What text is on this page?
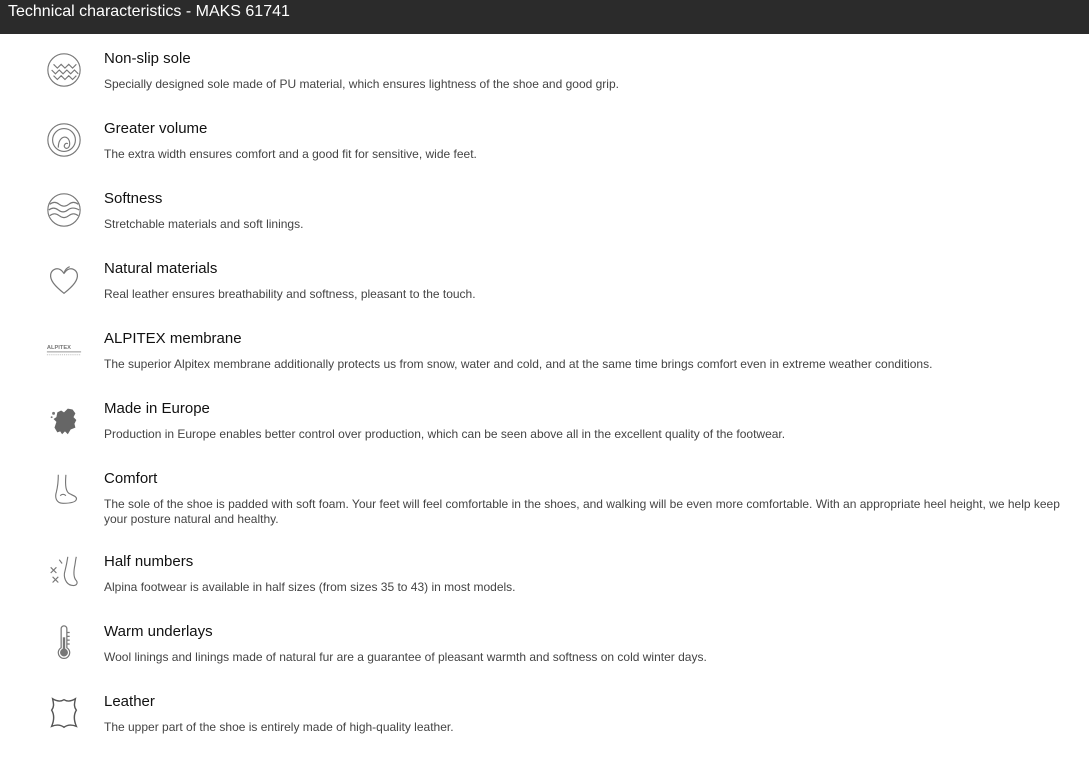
Technical characteristics - MAKS 61741
Non-slip sole
Specially designed sole made of PU material, which ensures lightness of the shoe and good grip.
Greater volume
The extra width ensures comfort and a good fit for sensitive, wide feet.
Softness
Stretchable materials and soft linings.
Natural materials
Real leather ensures breathability and softness, pleasant to the touch.
ALPITEX
ALPITEX membrane
The superior Alpitex membrane additionally protects us from snow, water and cold, and at the same time brings comfort even in extreme weather conditions.
Made in Europe
Production in Europe enables better control over production, which can be seen above all in the excellent quality of the footwear.
Comfort
The sole of the shoe is padded with soft foam. Your feet will feel comfortable in the shoes, and walking will be even more comfortable. With an appropriate heel height, we help keep your posture natural and healthy.
Half numbers
Alpina footwear is available in half sizes (from sizes 35 to 43) in most models.
Warm underlays
Wool linings and linings made of natural fur are a guarantee of pleasant warmth and softness on cold winter days.
Leather
The upper part of the shoe is entirely made of high-quality leather.
